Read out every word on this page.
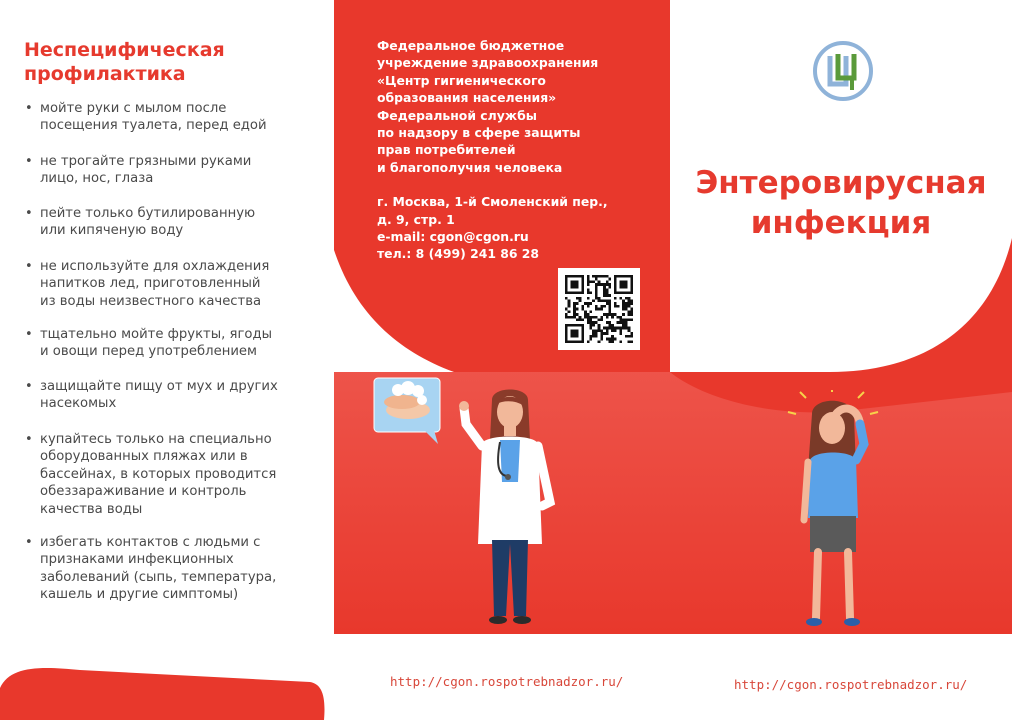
Неспецифическая
профилактика
• мойте руки с мылом после
посещения туалета, перед едой
• не трогайте грязными руками
лицо, нос, глаза
• пейте только бутилированную
или кипяченую воду
• не используйте для охлаждения
напитков лед, приготовленный
из воды неизвестного качества
• тщательно мойте фрукты, ягоды
и овощи перед употреблением
• защищайте пищу от мух и других
насекомых
• купайтесь только на специально
оборудованных пляжах или в
бассейнах, в которых проводится
обеззараживание и контроль
качества воды
• избегать контактов с людьми с
признаками инфекционных
заболеваний (сыпь, температура,
кашель и другие симптомы)
Федеральное бюджетное
учреждение здравоохранения
«Центр гигиенического
образования населения»
Федеральной службы
по надзору в сфере защиты
прав потребителей
и благополучия человека
г. Москва, 1-й Смоленский пер.,
д. 9, стр. 1
e-mail: cgon@cgon.ru
тел.: 8 (499) 241 86 28
http://cgon.rospotrebnadzor.ru/
Энтеровирусная
инфекция
http://cgon.rospotrebnadzor.ru/
